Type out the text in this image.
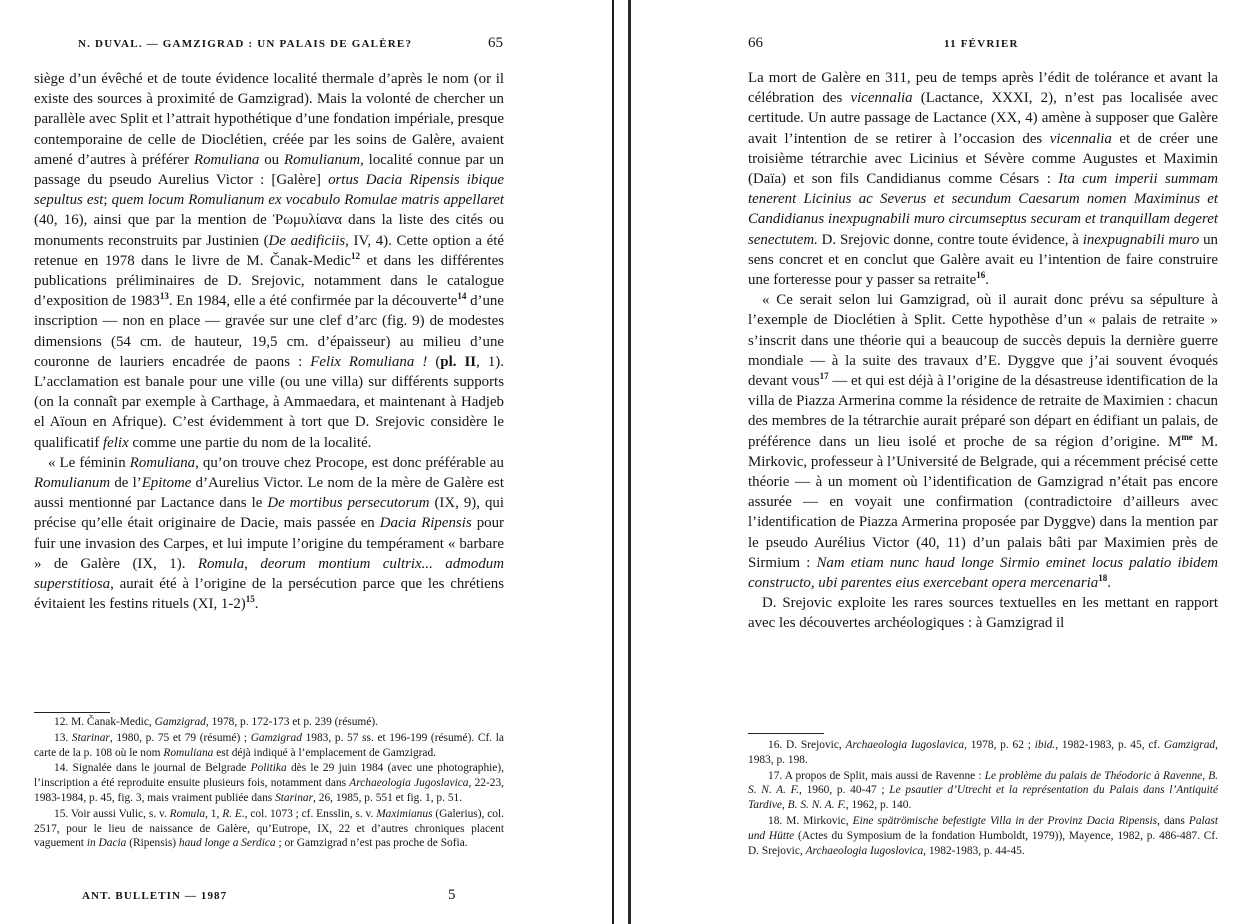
N. DUVAL. — GAMZIGRAD : UN PALAIS DE GALÈRE?	65

siège d’un évêché et de toute évidence localité thermale d’après le nom (or il existe des sources à proximité de Gamzigrad). Mais la volonté de chercher un parallèle avec Split et l’attrait hypothétique d’une fondation impériale, presque contemporaine de celle de Dioclétien, créée par les soins de Galère, avaient amené d’autres à préférer Romuliana ou Romulianum, localité connue par un passage du pseudo Aurelius Victor : [Galère] ortus Dacia Ripensis ibique sepultus est; quem locum Romulianum ex vocabulo Romulae matris appellaret (40, 16), ainsi que par la mention de Ῥωμυλίανα dans la liste des cités ou monuments reconstruits par Justinien (De aedificiis, IV, 4). Cette option a été retenue en 1978 dans le livre de M. Čanak-Medic$^{12}$ et dans les différentes publications préliminaires de D. Srejovic, notamment dans le catalogue d’exposition de 1983$^{13}$. En 1984, elle a été confirmée par la découverte$^{14}$ d’une inscription — non en place — gravée sur une clef d’arc (fig. 9) de modestes dimensions (54 cm. de hauteur, 19,5 cm. d’épaisseur) au milieu d’une couronne de lauriers encadrée de paons : Felix Romuliana ! (pl. II, 1). L’acclamation est banale pour une ville (ou une villa) sur différents supports (on la connaît par exemple à Carthage, à Ammaedara, et maintenant à Hadjeb el Aïoun en Afrique). C’est évidemment à tort que D. Srejovic considère le qualificatif felix comme une partie du nom de la localité.

« Le féminin Romuliana, qu’on trouve chez Procope, est donc préférable au Romulianum de l’Epitome d’Aurelius Victor. Le nom de la mère de Galère est aussi mentionné par Lactance dans le De mortibus persecutorum (IX, 9), qui précise qu’elle était originaire de Dacie, mais passée en Dacia Ripensis pour fuir une invasion des Carpes, et lui impute l’origine du tempérament « barbare » de Galère (IX, 1). Romula, deorum montium cultrix... admodum superstitiosa, aurait été à l’origine de la persécution parce que les chrétiens évitaient les festins rituels (XI, 1-2)$^{15}$.

12. M. Čanak-Medic, Gamzigrad, 1978, p. 172-173 et p. 239 (résumé).

13. Starinar, 1980, p. 75 et 79 (résumé) ; Gamzigrad 1983, p. 57 ss. et 196-199 (résumé). Cf. la carte de la p. 108 où le nom Romuliana est déjà indiqué à l’emplacement de Gamzigrad.

14. Signalée dans le journal de Belgrade Politika dès le 29 juin 1984 (avec une photographie), l’inscription a été reproduite ensuite plusieurs fois, notamment dans Archaeologia Jugoslavica, 22-23, 1983-1984, p. 45, fig. 3, mais vraiment publiée dans Starinar, 26, 1985, p. 551 et fig. 1, p. 51.

15. Voir aussi Vulic, s. v. Romula, 1, R. E., col. 1073 ; cf. Ensslin, s. v. Maximianus (Galerius), col. 2517, pour le lieu de naissance de Galère, qu’Eutrope, IX, 22 et d’autres chroniques placent vaguement in Dacia (Ripensis) haud longe a Serdica ; or Gamzigrad n’est pas proche de Sofia.

ANT. BULLETIN — 1987	5
66	11 FÉVRIER

La mort de Galère en 311, peu de temps après l’édit de tolérance et avant la célébration des vicennalia (Lactance, XXXI, 2), n’est pas localisée avec certitude. Un autre passage de Lactance (XX, 4) amène à supposer que Galère avait l’intention de se retirer à l’occasion des vicennalia et de créer une troisième tétrarchie avec Licinius et Sévère comme Augustes et Maximin (Daïa) et son fils Candidianus comme Césars : Ita cum imperii summam tenerent Licinius ac Severus et secundum Caesarum nomen Maximinus et Candidianus inexpugnabili muro circumseptus securam et tranquillam degeret senectutem. D. Srejovic donne, contre toute évidence, à inexpugnabili muro un sens concret et en conclut que Galère avait eu l’intention de faire construire une forteresse pour y passer sa retraite$^{16}$.

« Ce serait selon lui Gamzigrad, où il aurait donc prévu sa sépulture à l’exemple de Dioclétien à Split. Cette hypothèse d’un « palais de retraite » s’inscrit dans une théorie qui a beaucoup de succès depuis la dernière guerre mondiale — à la suite des travaux d’E. Dyggve que j’ai souvent évoqués devant vous$^{17}$ — et qui est déjà à l’origine de la désastreuse identification de la villa de Piazza Armerina comme la résidence de retraite de Maximien : chacun des membres de la tétrarchie aurait préparé son départ en édifiant un palais, de préférence dans un lieu isolé et proche de sa région d’origine. $M^{me}$ M. Mirkovic, professeur à l’Université de Belgrade, qui a récemment précisé cette théorie — à un moment où l’identification de Gamzigrad n’était pas encore assurée — en voyait une confirmation (contradictoire d’ailleurs avec l’identification de Piazza Armerina proposée par Dyggve) dans la mention par le pseudo Aurélius Victor (40, 11) d’un palais bâti par Maximien près de Sirmium : Nam etiam nunc haud longe Sirmio eminet locus palatio ibidem constructo, ubi parentes eius exercebant opera mercenaria$^{18}$.

D. Srejovic exploite les rares sources textuelles en les mettant en rapport avec les découvertes archéologiques : à Gamzigrad il

16. D. Srejovic, Archaeologia Iugoslavica, 1978, p. 62 ; ibid., 1982-1983, p. 45, cf. Gamzigrad, 1983, p. 198.

17. A propos de Split, mais aussi de Ravenne : Le problème du palais de Théodoric à Ravenne, B. S. N. A. F., 1960, p. 40-47 ; Le psautier d’Utrecht et la représentation du Palais dans l’Antiquité Tardive, B. S. N. A. F., 1962, p. 140.

18. M. Mirkovic, Eine spätrömische befestigte Villa in der Provinz Dacia Ripensis, dans Palast und Hütte (Actes du Symposium de la fondation Humboldt, 1979)), Mayence, 1982, p. 486-487. Cf. D. Srejovic, Archaeologia Iugoslovica, 1982-1983, p. 44-45.
